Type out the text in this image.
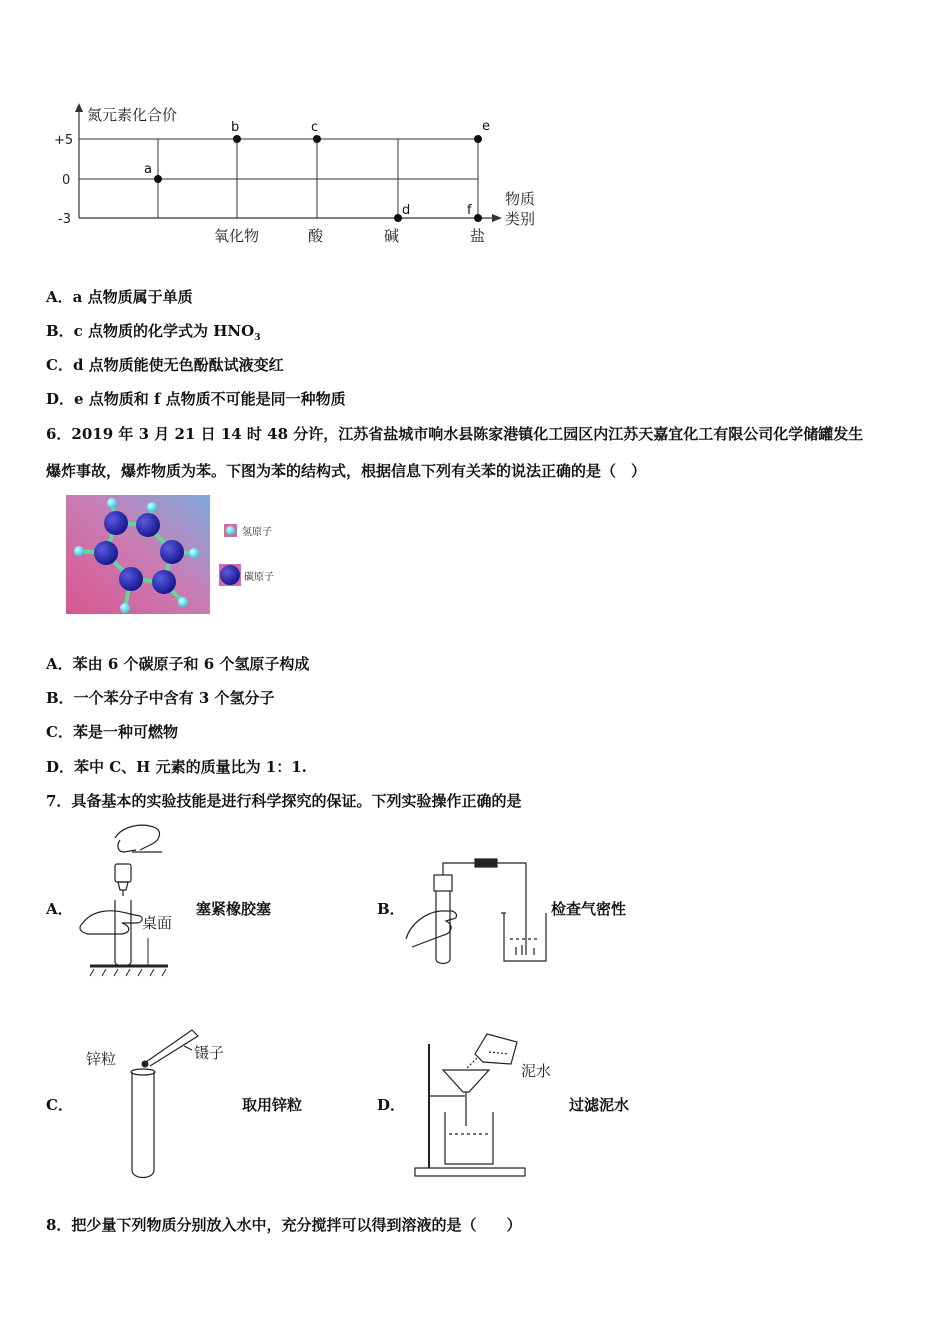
氮元素化合价
物质
类别
+5
0
-3
氧化物	酸	碱	盐
a
b	c
d
e
f
A．a 点物质属于单质
B．c 点物质的化学式为 $HNO_3$
C．d 点物质能使无色酚酞试液变红
D．e 点物质和 f 点物质不可能是同一种物质
6．2019 年 3 月 21 日 14 时 48 分许，江苏省盐城市响水县陈家港镇化工园区内江苏天嘉宜化工有限公司化学储罐发生
爆炸事故，爆炸物质为苯。下图为苯的结构式，根据信息下列有关苯的说法正确的是（　）
氢原子
碳原子
A．苯由 6 个碳原子和 6 个氢原子构成
B．一个苯分子中含有 3 个氢分子
C．苯是一种可燃物
D．苯中 C、H 元素的质量比为 1：1.
7．具备基本的实验技能是进行科学探究的保证。下列实验操作正确的是
A．
桌面
塞紧橡胶塞	B．	检查气密性
C．
锌粒	镊子
取用锌粒	D．
泥水
过滤泥水
8．把少量下列物质分别放入水中，充分搅拌可以得到溶液的是（　　）
